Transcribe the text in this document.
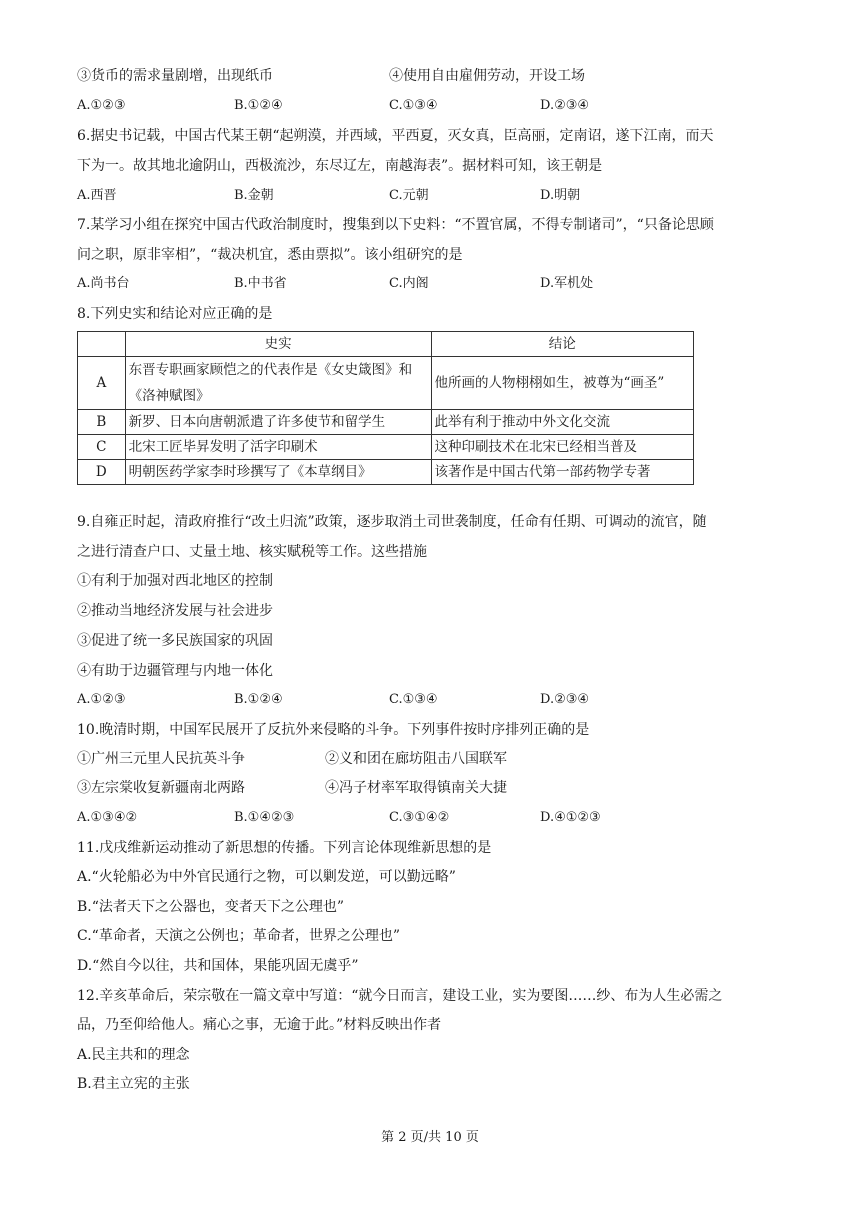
③货币的需求量剧增，出现纸币	④使用自由雇佣劳动，开设工场
A.①②③	B.①②④	C.①③④	D.②③④
6.据史书记载，中国古代某王朝“起朔漠，并西域，平西夏，灭女真，臣高丽，定南诏，遂下江南，而天
下为一。故其地北逾阴山，西极流沙，东尽辽左，南越海表”。据材料可知，该王朝是
A.西晋	B.金朝	C.元朝	D.明朝
7.某学习小组在探究中国古代政治制度时，搜集到以下史料：“不置官属，不得专制诸司”，“只备论思顾
问之职，原非宰相”，“裁决机宜，悉由票拟”。该小组研究的是
A.尚书台	B.中书省	C.内阁	D.军机处
8.下列史实和结论对应正确的是
	史实	结论
A	东晋专职画家顾恺之的代表作是《女史箴图》和《洛神赋图》	他所画的人物栩栩如生，被尊为“画圣”
B	新罗、日本向唐朝派遣了许多使节和留学生	此举有利于推动中外文化交流
C	北宋工匠毕昇发明了活字印刷术	这种印刷技术在北宋已经相当普及
D	明朝医药学家李时珍撰写了《本草纲目》	该著作是中国古代第一部药物学专著
9.自雍正时起，清政府推行“改土归流”政策，逐步取消土司世袭制度，任命有任期、可调动的流官，随
之进行清查户口、丈量土地、核实赋税等工作。这些措施
①有利于加强对西北地区的控制
②推动当地经济发展与社会进步
③促进了统一多民族国家的巩固
④有助于边疆管理与内地一体化
A.①②③	B.①②④	C.①③④	D.②③④
10.晚清时期，中国军民展开了反抗外来侵略的斗争。下列事件按时序排列正确的是
①广州三元里人民抗英斗争	②义和团在廊坊阻击八国联军
③左宗棠收复新疆南北两路	④冯子材率军取得镇南关大捷
A.①③④②	B.①④②③	C.③①④②	D.④①②③
11.戊戌维新运动推动了新思想的传播。下列言论体现维新思想的是
A.“火轮船必为中外官民通行之物，可以剿发逆，可以勤远略”
B.“法者天下之公器也，变者天下之公理也”
C.“革命者，天演之公例也；革命者，世界之公理也”
D.“然自今以往，共和国体，果能巩固无虞乎”
12.辛亥革命后，荣宗敬在一篇文章中写道：“就今日而言，建设工业，实为要图……纱、布为人生必需之
品，乃至仰给他人。痛心之事，无逾于此。”材料反映出作者
A.民主共和的理念
B.君主立宪的主张
第 2 页/共 10 页
